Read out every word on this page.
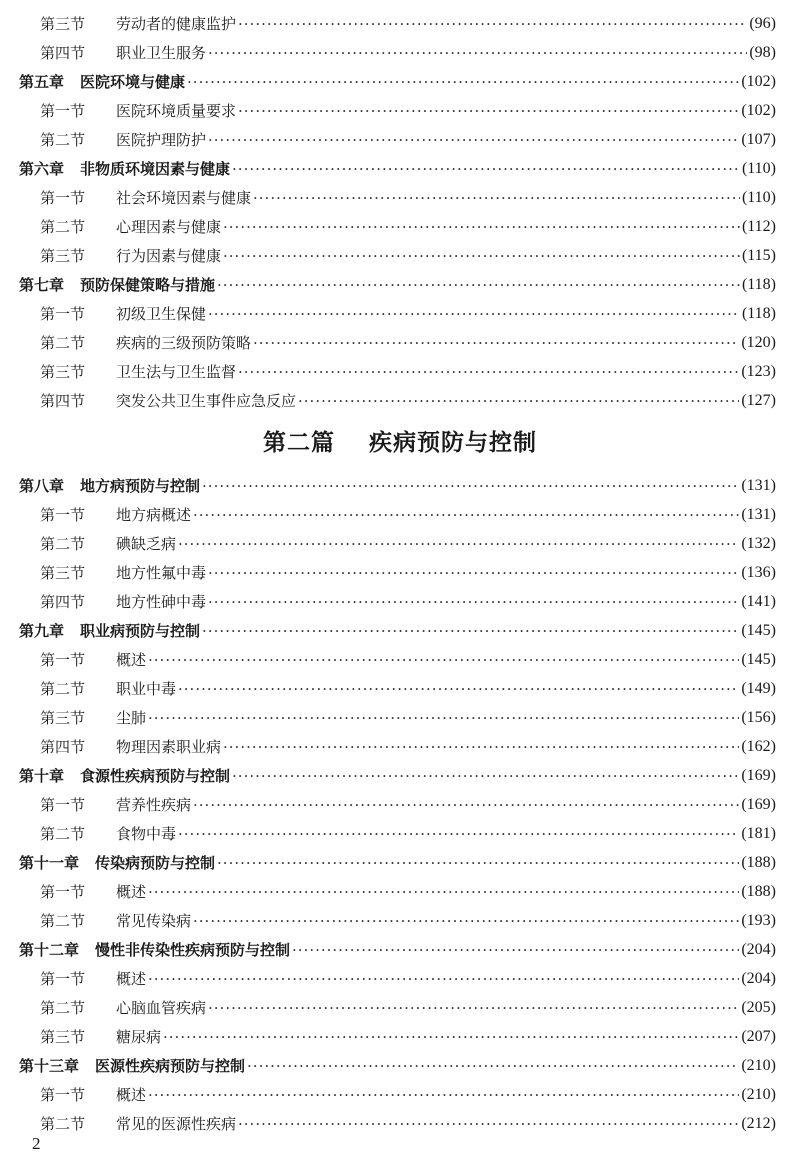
第三节	劳动者的健康监护 ·····	(96)
第四节	职业卫生服务 ·····	(98)
第五章 医院环境与健康 ·····	(102)
第一节	医院环境质量要求 ·····	(102)
第二节	医院护理防护 ·····	(107)
第六章 非物质环境因素与健康 ·····	(110)
第一节	社会环境因素与健康 ·····	(110)
第二节	心理因素与健康 ·····	(112)
第三节	行为因素与健康 ·····	(115)
第七章 预防保健策略与措施 ·····	(118)
第一节	初级卫生保健 ·····	(118)
第二节	疾病的三级预防策略 ·····	(120)
第三节	卫生法与卫生监督 ·····	(123)
第四节	突发公共卫生事件应急反应 ·····	(127)
第二篇 疾病预防与控制
第八章 地方病预防与控制 ·····	(131)
第一节	地方病概述 ·····	(131)
第二节	碘缺乏病 ·····	(132)
第三节	地方性氟中毒 ·····	(136)
第四节	地方性砷中毒 ·····	(141)
第九章 职业病预防与控制 ·····	(145)
第一节	概述 ·····	(145)
第二节	职业中毒 ·····	(149)
第三节	尘肺 ·····	(156)
第四节	物理因素职业病 ·····	(162)
第十章 食源性疾病预防与控制 ·····	(169)
第一节	营养性疾病 ·····	(169)
第二节	食物中毒 ·····	(181)
第十一章 传染病预防与控制 ·····	(188)
第一节	概述 ·····	(188)
第二节	常见传染病 ·····	(193)
第十二章 慢性非传染性疾病预防与控制 ·····	(204)
第一节	概述 ·····	(204)
第二节	心脑血管疾病 ·····	(205)
第三节	糖尿病 ·····	(207)
第十三章 医源性疾病预防与控制 ·····	(210)
第一节	概述 ·····	(210)
第二节	常见的医源性疾病 ·····	(212)
2
